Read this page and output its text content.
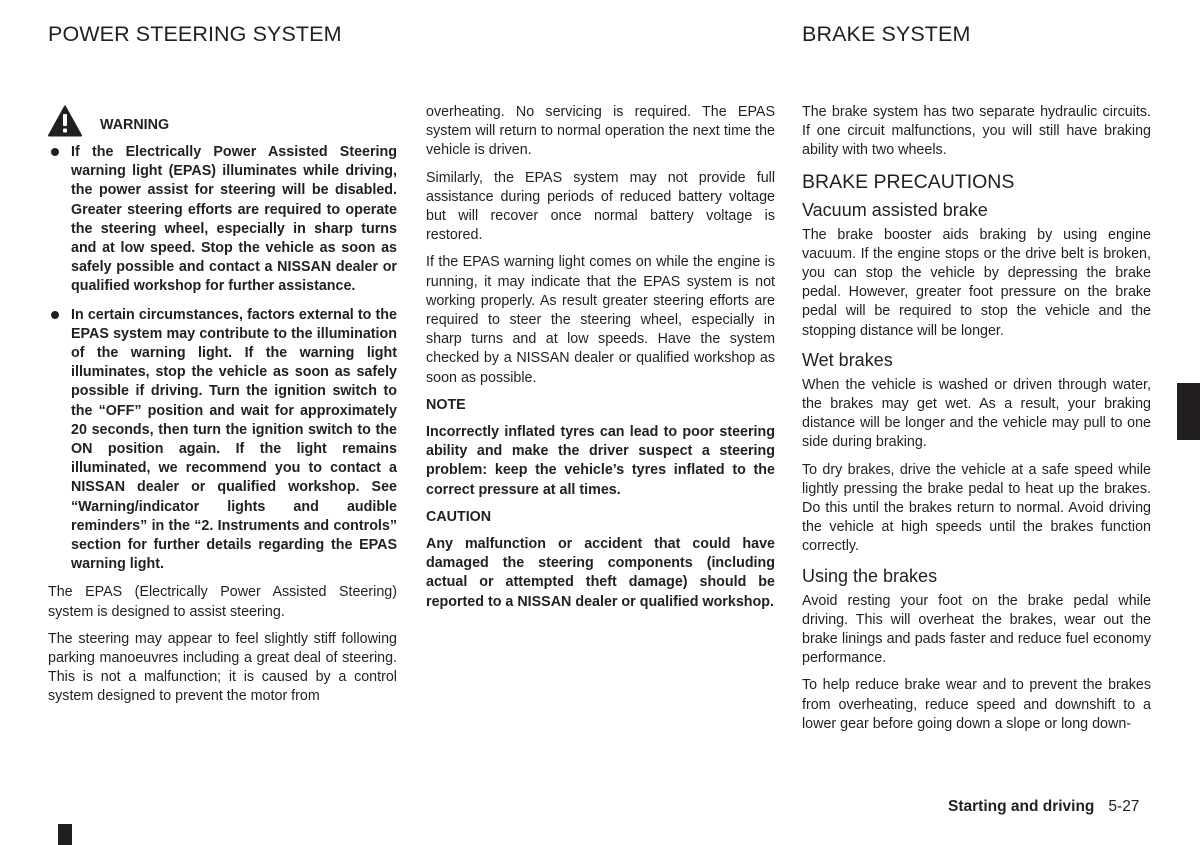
POWER STEERING SYSTEM	BRAKE SYSTEM
WARNING
If the Electrically Power Assisted Steering warning light (EPAS) illuminates while driving, the power assist for steering will be disabled. Greater steering efforts are required to operate the steering wheel, especially in sharp turns and at low speed. Stop the vehicle as soon as safely possible and contact a NISSAN dealer or qualified workshop for further assistance.
In certain circumstances, factors external to the EPAS system may contribute to the illumination of the warning light. If the warning light illuminates, stop the vehicle as soon as safely possible if driving. Turn the ignition switch to the “OFF” position and wait for approximately 20 seconds, then turn the ignition switch to the ON position again. If the light remains illuminated, we recommend you to contact a NISSAN dealer or qualified workshop. See “Warning/indicator lights and audible reminders” in the “2. Instruments and controls” section for further details regarding the EPAS warning light.

The EPAS (Electrically Power Assisted Steering) system is designed to assist steering.

The steering may appear to feel slightly stiff following parking manoeuvres including a great deal of steering. This is not a malfunction; it is caused by a control system designed to prevent the motor from

overheating. No servicing is required. The EPAS system will return to normal operation the next time the vehicle is driven.

Similarly, the EPAS system may not provide full assistance during periods of reduced battery voltage but will recover once normal battery voltage is restored.

If the EPAS warning light comes on while the engine is running, it may indicate that the EPAS system is not working properly. As result greater steering efforts are required to steer the steering wheel, especially in sharp turns and at low speeds. Have the system checked by a NISSAN dealer or qualified workshop as soon as possible.

NOTE

Incorrectly inflated tyres can lead to poor steering ability and make the driver suspect a steering problem: keep the vehicle’s tyres inflated to the correct pressure at all times.

CAUTION

Any malfunction or accident that could have damaged the steering components (including actual or attempted theft damage) should be reported to a NISSAN dealer or qualified workshop.

The brake system has two separate hydraulic circuits. If one circuit malfunctions, you will still have braking ability with two wheels.

BRAKE PRECAUTIONS
Vacuum assisted brake

The brake booster aids braking by using engine vacuum. If the engine stops or the drive belt is broken, you can stop the vehicle by depressing the brake pedal. However, greater foot pressure on the brake pedal will be required to stop the vehicle and the stopping distance will be longer.

Wet brakes

When the vehicle is washed or driven through water, the brakes may get wet. As a result, your braking distance will be longer and the vehicle may pull to one side during braking.

To dry brakes, drive the vehicle at a safe speed while lightly pressing the brake pedal to heat up the brakes. Do this until the brakes return to normal. Avoid driving the vehicle at high speeds until the brakes function correctly.

Using the brakes

Avoid resting your foot on the brake pedal while driving. This will overheat the brakes, wear out the brake linings and pads faster and reduce fuel economy performance.

To help reduce brake wear and to prevent the brakes from overheating, reduce speed and downshift to a lower gear before going down a slope or long down-

Starting and driving 5-27
